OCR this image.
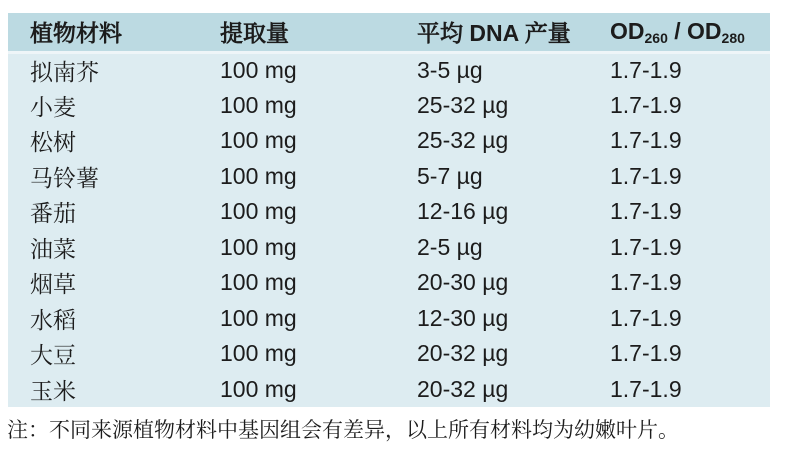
植物材料	提取量	平均 DNA 产量	OD260 / OD280
拟南芥	100 mg	3-5 µg	1.7-1.9
小麦	100 mg	25-32 µg	1.7-1.9
松树	100 mg	25-32 µg	1.7-1.9
马铃薯	100 mg	5-7 µg	1.7-1.9
番茄	100 mg	12-16 µg	1.7-1.9
油菜	100 mg	2-5 µg	1.7-1.9
烟草	100 mg	20-30 µg	1.7-1.9
水稻	100 mg	12-30 µg	1.7-1.9
大豆	100 mg	20-32 µg	1.7-1.9
玉米	100 mg	20-32 µg	1.7-1.9
注：不同来源植物材料中基因组会有差异，以上所有材料均为幼嫩叶片。
